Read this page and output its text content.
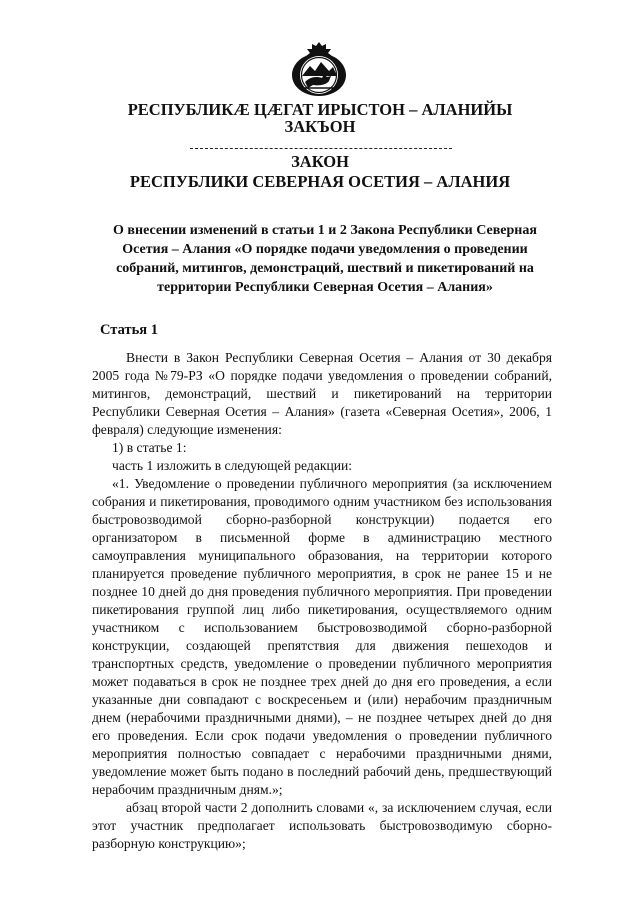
РЕСПУБЛИКӔ ЦӔГАТ ИРЫСТОН – АЛАНИЙЫ
ЗАКЪОН
ЗАКОН
РЕСПУБЛИКИ СЕВЕРНАЯ ОСЕТИЯ – АЛАНИЯ
О внесении изменений в статьи 1 и 2 Закона Республики Северная Осетия – Алания «О порядке подачи уведомления о проведении собраний, митингов, демонстраций, шествий и пикетирований на территории Республики Северная Осетия – Алания»
Статья 1

Внести в Закон Республики Северная Осетия – Алания от 30 декабря 2005 года №79-РЗ «О порядке подачи уведомления о проведении собраний, митингов, демонстраций, шествий и пикетирований на территории Республики Северная Осетия – Алания» (газета «Северная Осетия», 2006, 1 февраля) следующие изменения:

1) в статье 1:

часть 1 изложить в следующей редакции:

«1. Уведомление о проведении публичного мероприятия (за исключением собрания и пикетирования, проводимого одним участником без использования быстровозводимой сборно-разборной конструкции) подается его организатором в письменной форме в администрацию местного самоуправления муниципального образования, на территории которого планируется проведение публичного мероприятия, в срок не ранее 15 и не позднее 10 дней до дня проведения публичного мероприятия. При проведении пикетирования группой лиц либо пикетирования, осуществляемого одним участником с использованием быстровозводимой сборно-разборной конструкции, создающей препятствия для движения пешеходов и транспортных средств, уведомление о проведении публичного мероприятия может подаваться в срок не позднее трех дней до дня его проведения, а если указанные дни совпадают с воскресеньем и (или) нерабочим праздничным днем (нерабочими праздничными днями), – не позднее четырех дней до дня его проведения. Если срок подачи уведомления о проведении публичного мероприятия полностью совпадает с нерабочими праздничными днями, уведомление может быть подано в последний рабочий день, предшествующий нерабочим праздничным дням.»;

абзац второй части 2 дополнить словами «, за исключением случая, если этот участник предполагает использовать быстровозводимую сборно-разборную конструкцию»;
